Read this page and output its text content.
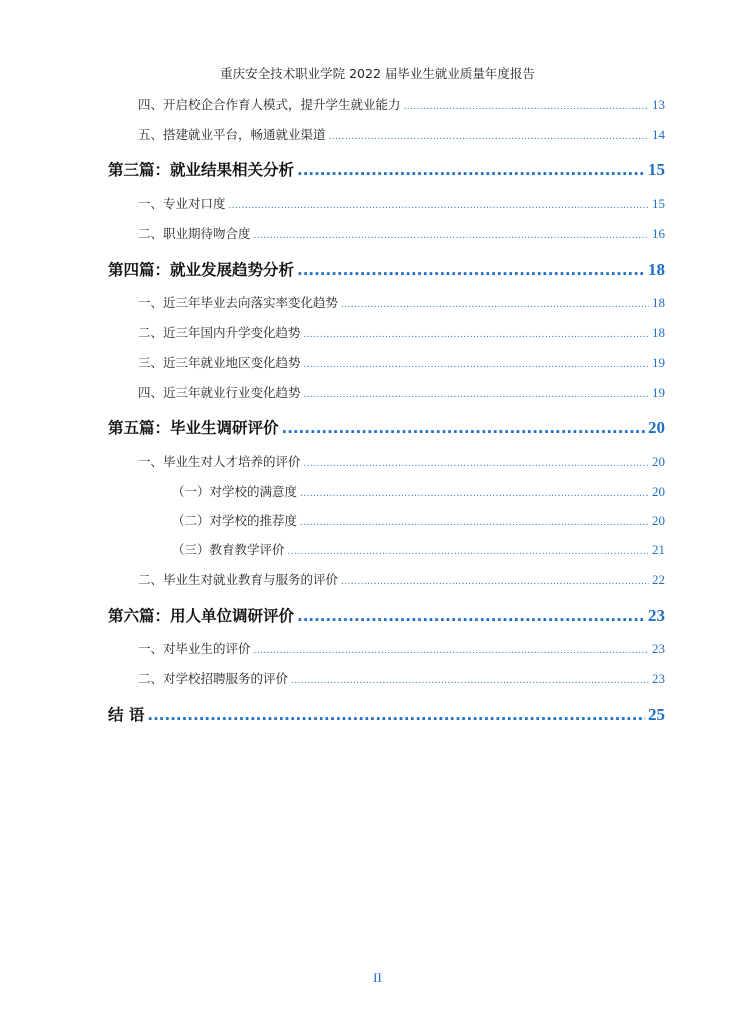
重庆安全技术职业学院 2022 届毕业生就业质量年度报告
四、开启校企合作育人模式，提升学生就业能力 .....	13
五、搭建就业平台，畅通就业渠道 .....	14
第三篇：就业结果相关分析 .....	15
一、专业对口度 .....	15
二、职业期待吻合度 .....	16
第四篇：就业发展趋势分析 .....	18
一、近三年毕业去向落实率变化趋势 .....	18
二、近三年国内升学变化趋势 .....	18
三、近三年就业地区变化趋势 .....	19
四、近三年就业行业变化趋势 .....	19
第五篇：毕业生调研评价 .....	20
一、毕业生对人才培养的评价 .....	20
（一）对学校的满意度 .....	20
（二）对学校的推荐度 .....	20
（三）教育教学评价 .....	21
二、毕业生对就业教育与服务的评价 .....	22
第六篇：用人单位调研评价 .....	23
一、对毕业生的评价 .....	23
二、对学校招聘服务的评价 .....	23
结 语 .....	25
II
